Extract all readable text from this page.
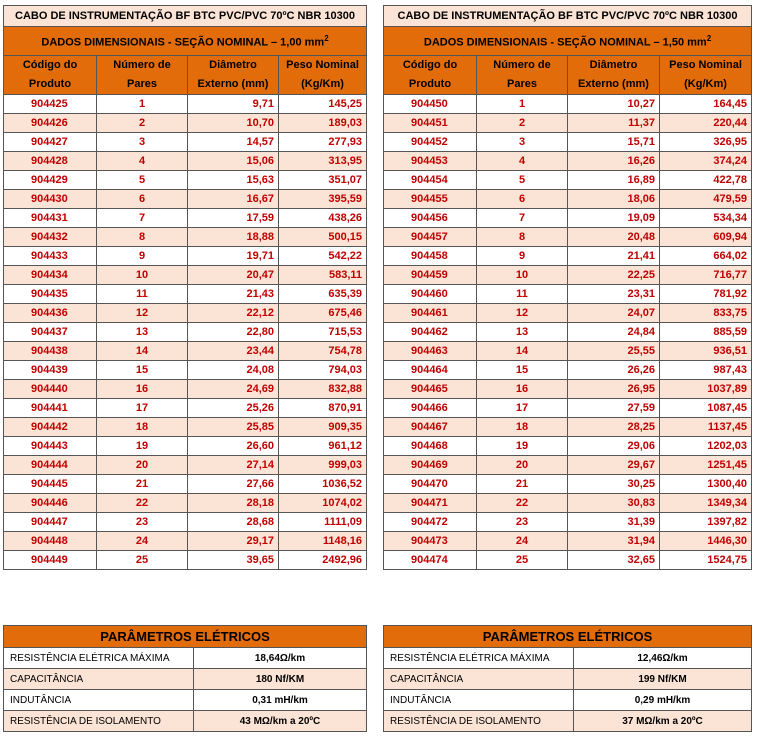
CABO DE INSTRUMENTAÇÃO BF BTC PVC/PVC 70ºC NBR 10300			
DADOS DIMENSIONAIS - SEÇÃO NOMINAL – 1,00 $mm^2$
Código do Produto	Número de Pares	Diâmetro Externo (mm)	Peso Nominal (Kg/Km)
904425	1	9,71	145,25
904426	2	10,70	189,03
904427	3	14,57	277,93
904428	4	15,06	313,95
904429	5	15,63	351,07
904430	6	16,67	395,59
904431	7	17,59	438,26
904432	8	18,88	500,15
904433	9	19,71	542,22
904434	10	20,47	583,11
904435	11	21,43	635,39
904436	12	22,12	675,46
904437	13	22,80	715,53
904438	14	23,44	754,78
904439	15	24,08	794,03
904440	16	24,69	832,88
904441	17	25,26	870,91
904442	18	25,85	909,35
904443	19	26,60	961,12
904444	20	27,14	999,03
904445	21	27,66	1036,52
904446	22	28,18	1074,02
904447	23	28,68	1111,09
904448	24	29,17	1148,16
904449	25	39,65	2492,96
CABO DE INSTRUMENTAÇÃO BF BTC PVC/PVC 70ºC NBR 10300			
DADOS DIMENSIONAIS - SEÇÃO NOMINAL – 1,50 $mm^2$
Código do Produto	Número de Pares	Diâmetro Externo (mm)	Peso Nominal (Kg/Km)
904450	1	10,27	164,45
904451	2	11,37	220,44
904452	3	15,71	326,95
904453	4	16,26	374,24
904454	5	16,89	422,78
904455	6	18,06	479,59
904456	7	19,09	534,34
904457	8	20,48	609,94
904458	9	21,41	664,02
904459	10	22,25	716,77
904460	11	23,31	781,92
904461	12	24,07	833,75
904462	13	24,84	885,59
904463	14	25,55	936,51
904464	15	26,26	987,43
904465	16	26,95	1037,89
904466	17	27,59	1087,45
904467	18	28,25	1137,45
904468	19	29,06	1202,03
904469	20	29,67	1251,45
904470	21	30,25	1300,40
904471	22	30,83	1349,34
904472	23	31,39	1397,82
904473	24	31,94	1446,30
904474	25	32,65	1524,75
PARÂMETROS ELÉTRICOS	
RESISTÊNCIA ELÉTRICA MÁXIMA	18,64Ω/km
CAPACITÂNCIA	180 Nf/KM
INDUTÂNCIA	0,31 mH/km
RESISTÊNCIA DE ISOLAMENTO	43 MΩ/km a 20ºC
PARÂMETROS ELÉTRICOS	
RESISTÊNCIA ELÉTRICA MÁXIMA	12,46Ω/km
CAPACITÂNCIA	199 Nf/KM
INDUTÂNCIA	0,29 mH/km
RESISTÊNCIA DE ISOLAMENTO	37 MΩ/km a 20ºC
